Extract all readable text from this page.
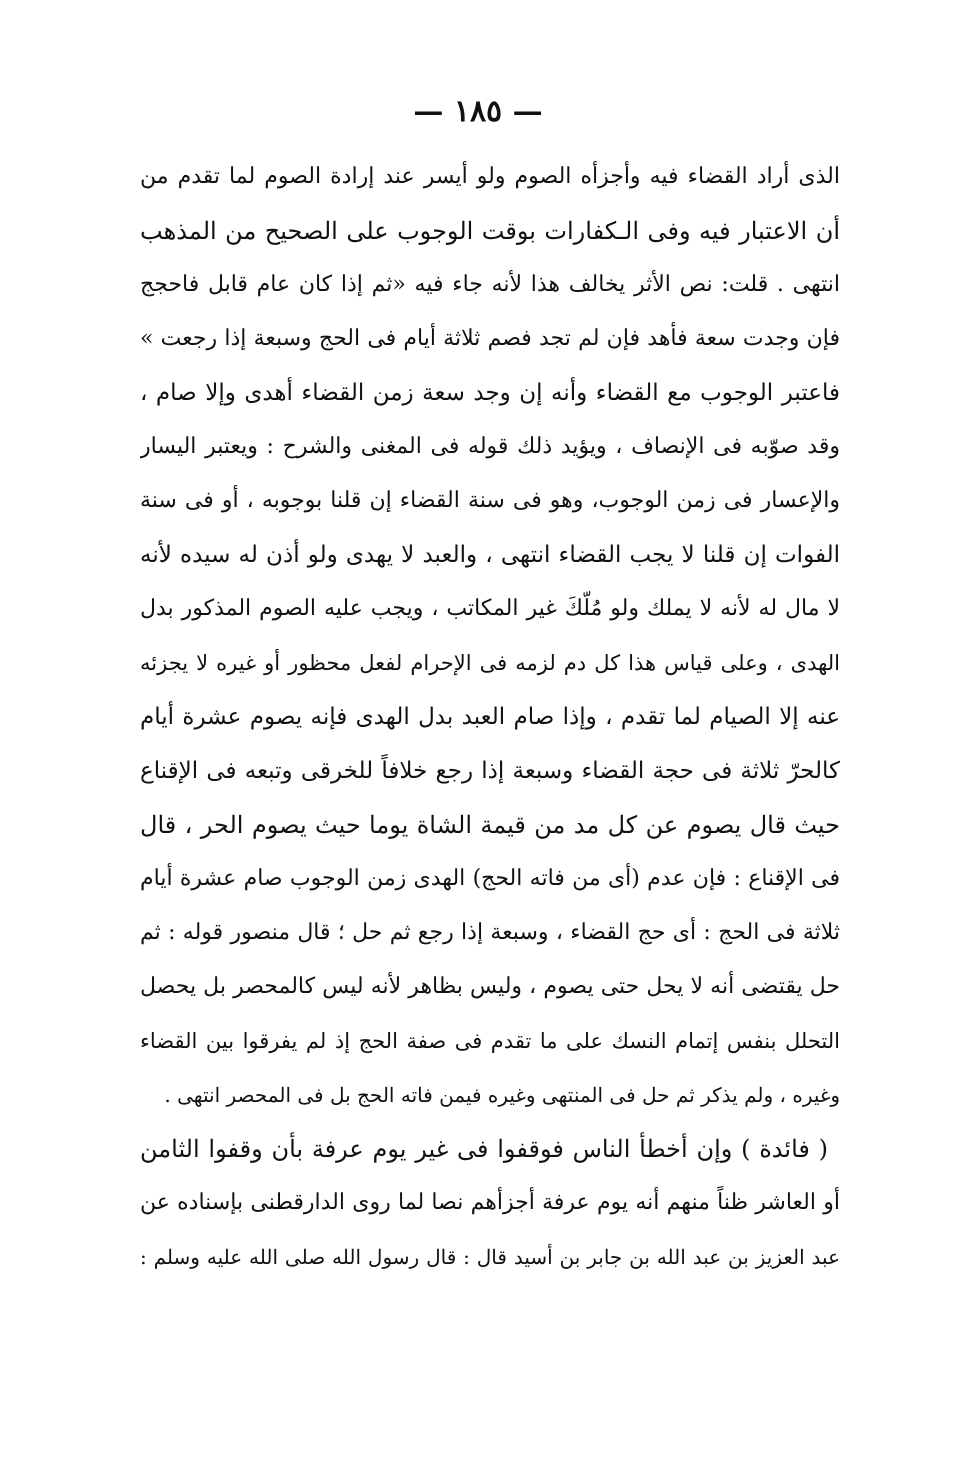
— ١٨٥ —
الذى أراد القضاء فيه وأجزأه الصوم ولو أيسر عند إرادة الصوم لما تقدم من
أن الاعتبار فيه وفى الـكفارات بوقت الوجوب على الصحيح من المذهب
انتهى . قلت: نص الأثر يخالف هذا لأنه جاء فيه «ثم إذا كان عام قابل فاحجج
فإن وجدت سعة فأهد فإن لم تجد فصم ثلاثة أيام فى الحج وسبعة إذا رجعت »
فاعتبر الوجوب مع القضاء وأنه إن وجد سعة زمن القضاء أهدى وإلا صام ،
وقد صوّبه فى الإنصاف ، ويؤيد ذلك قوله فى المغنى والشرح : ويعتبر اليسار
والإعسار فى زمن الوجوب، وهو فى سنة القضاء إن قلنا بوجوبه ، أو فى سنة
الفوات إن قلنا لا يجب القضاء انتهى ، والعبد لا يهدى ولو أذن له سيده لأنه
لا مال له لأنه لا يملك ولو مُلّكَ غير المكاتب ، ويجب عليه الصوم المذكور بدل
الهدى ، وعلى قياس هذا كل دم لزمه فى الإحرام لفعل محظور أو غيره لا يجزئه
عنه إلا الصيام لما تقدم ، وإذا صام العبد بدل الهدى فإنه يصوم عشرة أيام
كالحرّ ثلاثة فى حجة القضاء وسبعة إذا رجع خلافاً للخرقى وتبعه فى الإقناع
حيث قال يصوم عن كل مد من قيمة الشاة يوما حيث يصوم الحر ، قال
فى الإقناع : فإن عدم (أى من فاته الحج) الهدى زمن الوجوب صام عشرة أيام
ثلاثة فى الحج : أى حج القضاء ، وسبعة إذا رجع ثم حل ؛ قال منصور قوله : ثم
حل يقتضى أنه لا يحل حتى يصوم ، وليس بظاهر لأنه ليس كالمحصر بل يحصل
التحلل بنفس إتمام النسك على ما تقدم فى صفة الحج إذ لم يفرقوا بين القضاء
وغيره ، ولم يذكر ثم حل فى المنتهى وغيره فيمن فاته الحج بل فى المحصر انتهى .
( فائدة ) وإن أخطأ الناس فوقفوا فى غير يوم عرفة بأن وقفوا الثامن
أو العاشر ظناً منهم أنه يوم عرفة أجزأهم نصا لما روى الدارقطنى بإسناده عن
عبد العزيز بن عبد الله بن جابر بن أسيد قال : قال رسول الله صلى الله عليه وسلم :
